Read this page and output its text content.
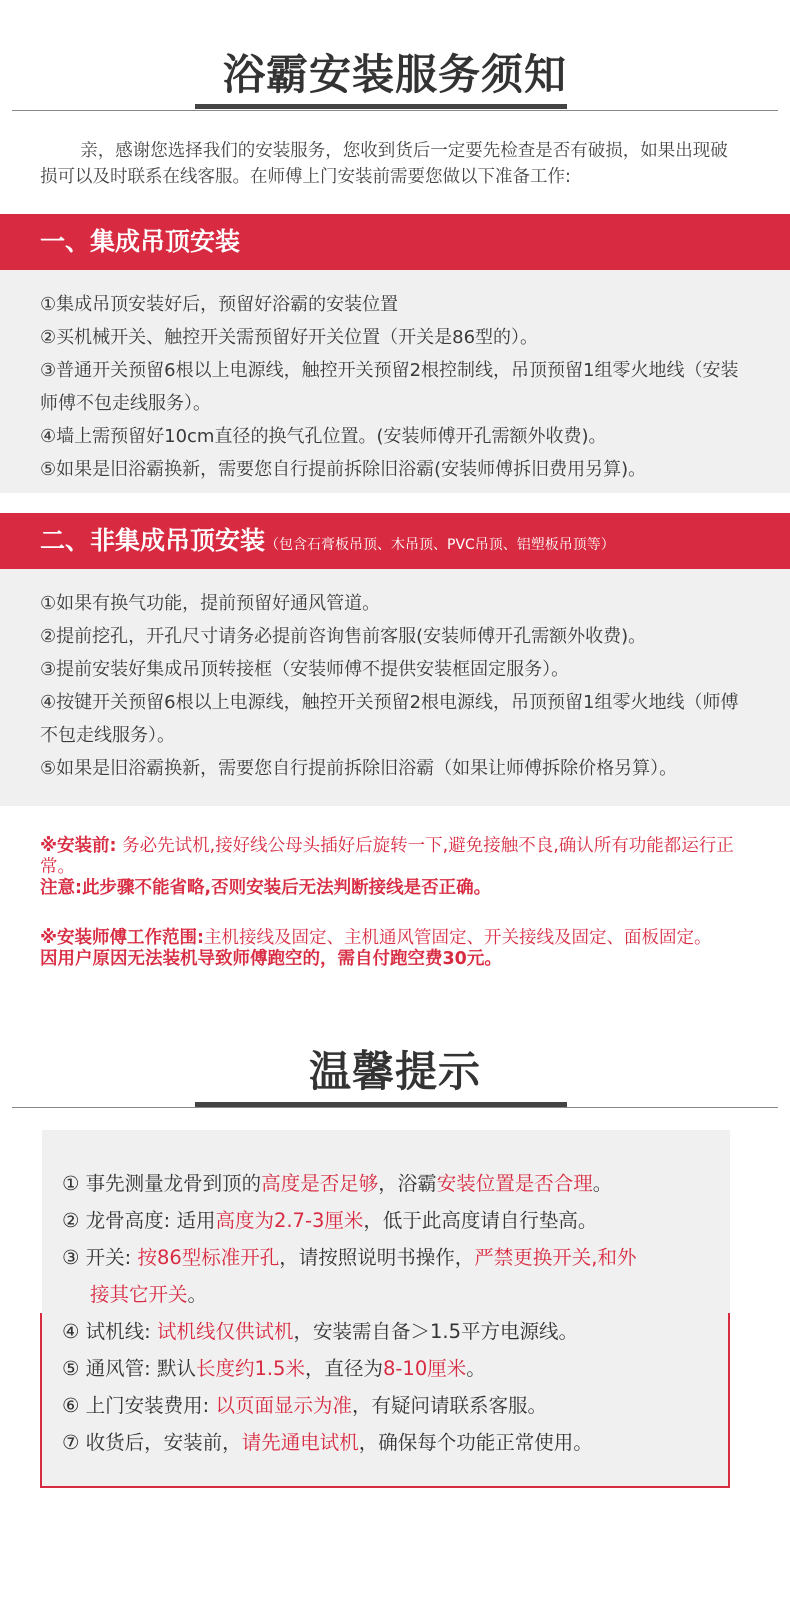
浴霸安装服务须知
亲，感谢您选择我们的安装服务，您收到货后一定要先检查是否有破损，如果出现破损可以及时联系在线客服。在师傅上门安装前需要您做以下准备工作:
一、集成吊顶安装
①集成吊顶安装好后，预留好浴霸的安装位置
②买机械开关、触控开关需预留好开关位置（开关是86型的）。
③普通开关预留6根以上电源线，触控开关预留2根控制线，吊顶预留1组零火地线（安装师傅不包走线服务）。
④墙上需预留好10cm直径的换气孔位置。(安装师傅开孔需额外收费)。
⑤如果是旧浴霸换新，需要您自行提前拆除旧浴霸(安装师傅拆旧费用另算)。
二、非集成吊顶安装（包含石膏板吊顶、木吊顶、PVC吊顶、铝塑板吊顶等）
①如果有换气功能，提前预留好通风管道。
②提前挖孔，开孔尺寸请务必提前咨询售前客服(安装师傅开孔需额外收费)。
③提前安装好集成吊顶转接框（安装师傅不提供安装框固定服务）。
④按键开关预留6根以上电源线，触控开关预留2根电源线，吊顶预留1组零火地线（师傅不包走线服务）。
⑤如果是旧浴霸换新，需要您自行提前拆除旧浴霸（如果让师傅拆除价格另算）。
※安装前: 务必先试机,接好线公母头插好后旋转一下,避免接触不良,确认所有功能都运行正常。
注意:此步骤不能省略,否则安装后无法判断接线是否正确。
※安装师傅工作范围:主机接线及固定、主机通风管固定、开关接线及固定、面板固定。
因用户原因无法装机导致师傅跑空的，需自付跑空费30元。
温馨提示
① 事先测量龙骨到顶的高度是否足够，浴霸安装位置是否合理。
② 龙骨高度: 适用高度为2.7-3厘米，低于此高度请自行垫高。
③ 开关: 按86型标准开孔，请按照说明书操作，严禁更换开关,和外
接其它开关。
④ 试机线: 试机线仅供试机，安装需自备＞1.5平方电源线。
⑤ 通风管: 默认长度约1.5米，直径为8-10厘米。
⑥ 上门安装费用: 以页面显示为准，有疑问请联系客服。
⑦ 收货后，安装前，请先通电试机，确保每个功能正常使用。
